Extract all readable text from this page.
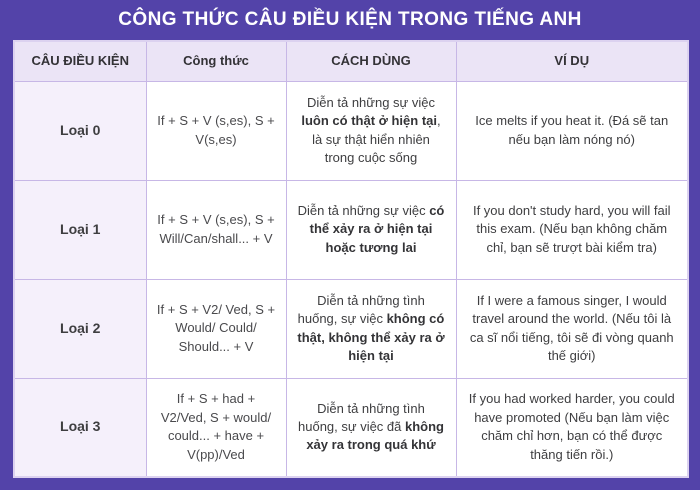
CÔNG THỨC CÂU ĐIỀU KIỆN TRONG TIẾNG ANH
CÂU ĐIỀU KIỆN	Công thức	CÁCH DÙNG	VÍ DỤ
Loại 0	If + S + V (s,es), S + V(s,es)	Diễn tả những sự việc luôn có thật ở hiện tại, là sự thật hiển nhiên trong cuộc sống	Ice melts if you heat it. (Đá sẽ tan nếu bạn làm nóng nó)
Loại 1	If + S + V (s,es), S + Will/Can/shall... + V	Diễn tả những sự việc có thể xảy ra ở hiện tại hoặc tương lai	If you don't study hard, you will fail this exam. (Nếu bạn không chăm chỉ, bạn sẽ trượt bài kiểm tra)
Loại 2	If + S + V2/ Ved, S + Would/ Could/ Should... + V	Diễn tả những tình huống, sự việc không có thật, không thể xảy ra ở hiện tại	If I were a famous singer, I would travel around the world. (Nếu tôi là ca sĩ nổi tiếng, tôi sẽ đi vòng quanh thế giới)
Loại 3	If + S + had + V2/Ved, S + would/ could... + have + V(pp)/Ved	Diễn tả những tình huống, sự việc đã không xảy ra trong quá khứ	If you had worked harder, you could have promoted (Nếu bạn làm việc chăm chỉ hơn, bạn có thể được thăng tiến rồi.)
